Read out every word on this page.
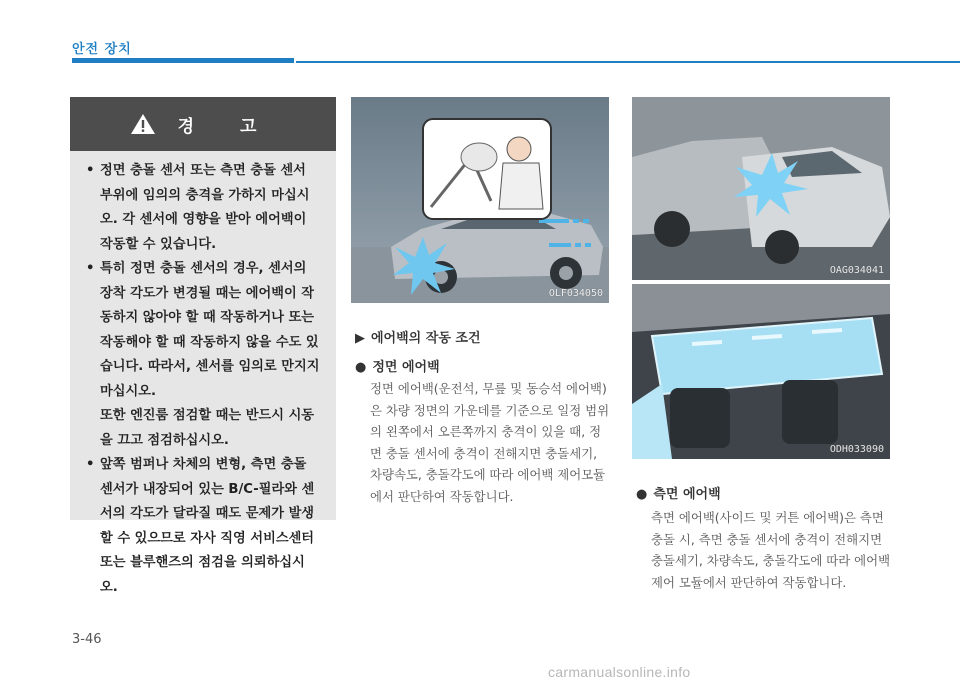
안전 장치
경 고

• 정면 충돌 센서 또는 측면 충돌 센서 부위에 임의의 충격을 가하지 마십시오. 각 센서에 영향을 받아 에어백이 작동할 수 있습니다.

• 특히 정면 충돌 센서의 경우, 센서의 장착 각도가 변경될 때는 에어백이 작동하지 않아야 할 때 작동하거나 또는 작동해야 할 때 작동하지 않을 수도 있습니다. 따라서, 센서를 임의로 만지지 마십시오.

또한 엔진룸 점검할 때는 반드시 시동을 끄고 점검하십시오.

• 앞쪽 범퍼나 차체의 변형, 측면 충돌 센서가 내장되어 있는 B/C-필라와 센서의 각도가 달라질 때도 문제가 발생할 수 있으므로 자사 직영 서비스센터 또는 블루핸즈의 점검을 의뢰하십시오.

OLF034050
OAG034041
ODH033090
▶ 에어백의 작동 조건
● 정면 에어백
정면 에어백(운전석, 무릎 및 동승석 에어백)은 차량 정면의 가운데를 기준으로 일정 범위의 왼쪽에서 오른쪽까지 충격이 있을 때, 정면 충돌 센서에 충격이 전해지면 충돌세기, 차량속도, 충돌각도에 따라 에어백 제어모듈에서 판단하여 작동합니다.	● 측면 에어백
측면 에어백(사이드 및 커튼 에어백)은 측면 충돌 시, 측면 충돌 센서에 충격이 전해지면 충돌세기, 차량속도, 충돌각도에 따라 에어백 제어 모듈에서 판단하여 작동합니다.
3-46
carmanualsonline.info
